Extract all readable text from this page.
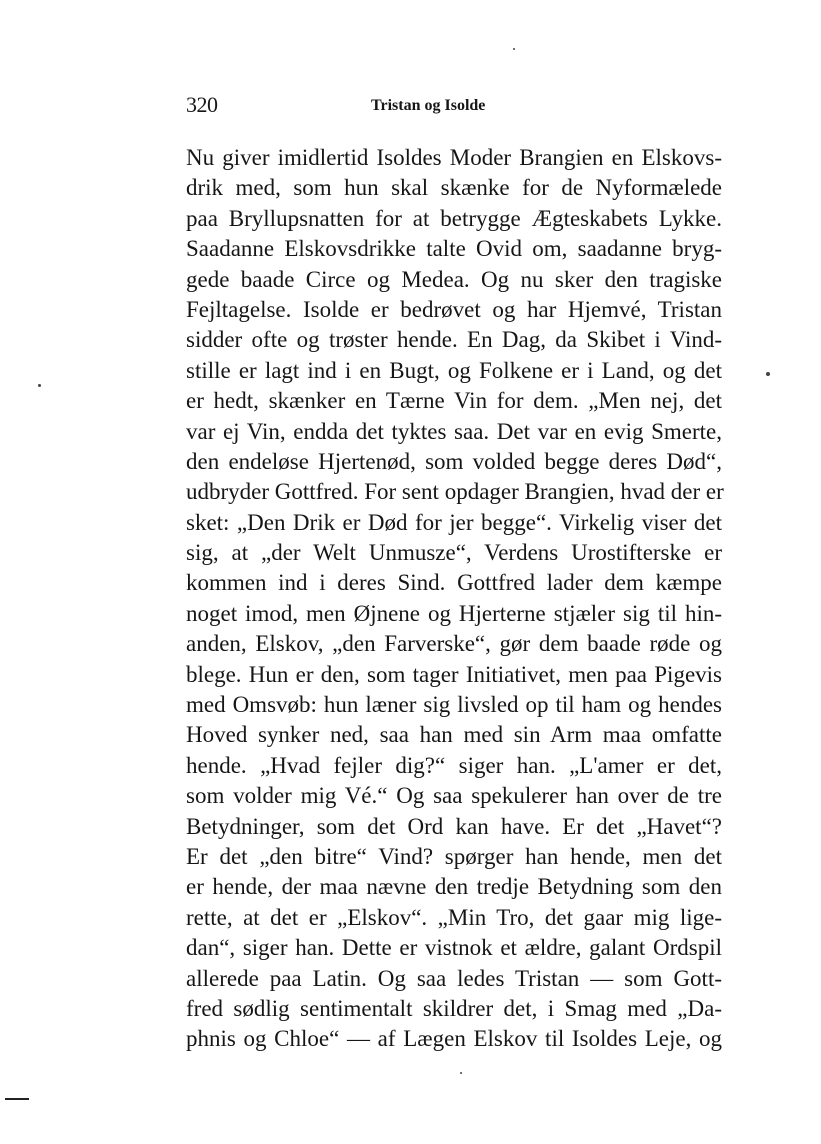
320	Tristan og Isolde
Nu giver imidlertid Isoldes Moder Brangien en Elskovs-
drik med, som hun skal skænke for de Nyformælede
paa Bryllupsnatten for at betrygge Ægteskabets Lykke.
Saadanne Elskovsdrikke talte Ovid om, saadanne bryg-
gede baade Circe og Medea. Og nu sker den tragiske
Fejltagelse. Isolde er bedrøvet og har Hjemvé, Tristan
sidder ofte og trøster hende. En Dag, da Skibet i Vind-
stille er lagt ind i en Bugt, og Folkene er i Land, og det
er hedt, skænker en Tærne Vin for dem. „Men nej, det
var ej Vin, endda det tyktes saa. Det var en evig Smerte,
den endeløse Hjertenød, som volded begge deres Død“,
udbryder Gottfred. For sent opdager Brangien, hvad der er
sket: „Den Drik er Død for jer begge“. Virkelig viser det
sig, at „der Welt Unmusze“, Verdens Urostifterske er
kommen ind i deres Sind. Gottfred lader dem kæmpe
noget imod, men Øjnene og Hjerterne stjæler sig til hin-
anden, Elskov, „den Farverske“, gør dem baade røde og
blege. Hun er den, som tager Initiativet, men paa Pigevis
med Omsvøb: hun læner sig livsled op til ham og hendes
Hoved synker ned, saa han med sin Arm maa omfatte
hende. „Hvad fejler dig?“ siger han. „L'amer er det,
som volder mig Vé.“ Og saa spekulerer han over de tre
Betydninger, som det Ord kan have. Er det „Havet“?
Er det „den bitre“ Vind? spørger han hende, men det
er hende, der maa nævne den tredje Betydning som den
rette, at det er „Elskov“. „Min Tro, det gaar mig lige-
dan“, siger han. Dette er vistnok et ældre, galant Ordspil
allerede paa Latin. Og saa ledes Tristan — som Gott-
fred sødlig sentimentalt skildrer det, i Smag med „Da-
phnis og Chloe“ — af Lægen Elskov til Isoldes Leje, og
